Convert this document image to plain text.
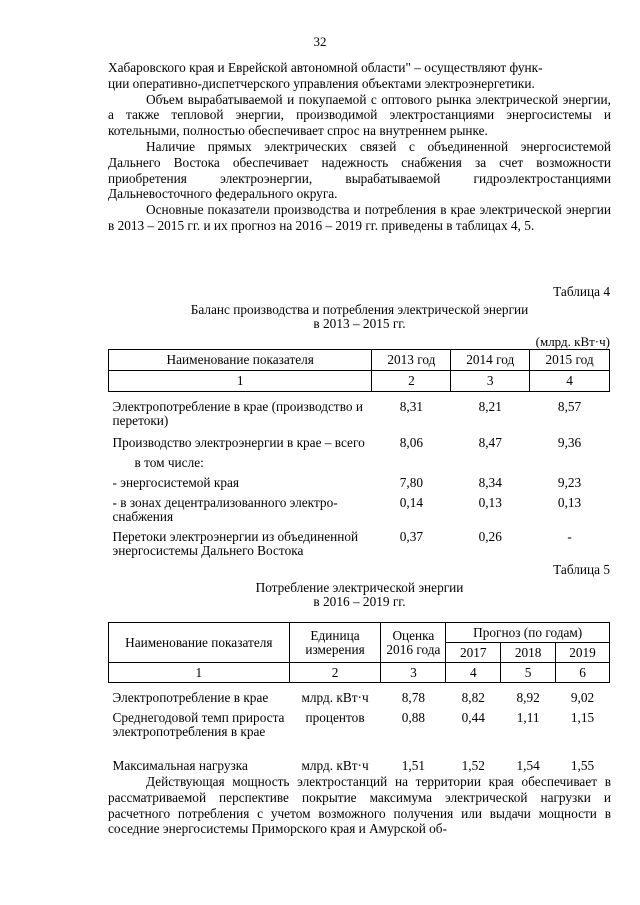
32

Хабаровского края и Еврейской автономной области" – осуществляют функ-

ции оперативно-диспетчерского управления объектами электроэнергетики.

Объем вырабатываемой и покупаемой с оптового рынка электрической энергии, а также тепловой энергии, производимой электростанциями энергосистемы и котельными, полностью обеспечивает спрос на внутреннем рынке.

Наличие прямых электрических связей с объединенной энергосистемой Дальнего Востока обеспечивает надежность снабжения за счет возможности приобретения электроэнергии, вырабатываемой гидроэлектростанциями Дальневосточного федерального округа.

Основные показатели производства и потребления в крае электрической энергии в 2013 – 2015 гг. и их прогноз на 2016 – 2019 гг. приведены в таблицах 4, 5.

Таблица 4
Баланс производства и потребления электрической энергии
в 2013 – 2015 гг.
(млрд. кВт·ч)
Наименование показателя	2013 год	2014 год	2015 год
1	2	3	4

Электропотребление в крае (производство и перетоки)	8,31	8,21	8,57
Производство электроэнергии в крае – всего	8,06	8,47	9,36
в том числе:			
- энергосистемой края	7,80	8,34	9,23
- в зонах децентрализованного электро-снабжения	0,14	0,13	0,13
Перетоки электроэнергии из объединенной энергосистемы Дальнего Востока	0,37	0,26	-
Таблица 5
Потребление электрической энергии
в 2016 – 2019 гг.
Наименование показателя	Единица измерения	Оценка 2016 года	Прогноз (по годам)		
			2017	2018	2019
1	2	3	4	5	6

Электропотребление в крае	млрд. кВт·ч	8,78	8,82	8,92	9,02
Среднегодовой темп прироста электропотребления в крае	процентов	0,88	0,44	1,11	1,15
Максимальная нагрузка	млрд. кВт·ч	1,51	1,52	1,54	1,55

Действующая мощность электростанций на территории края обеспечивает в рассматриваемой перспективе покрытие максимума электрической нагрузки и расчетного потребления с учетом возможного получения или выдачи мощности в соседние энергосистемы Приморского края и Амурской об-
